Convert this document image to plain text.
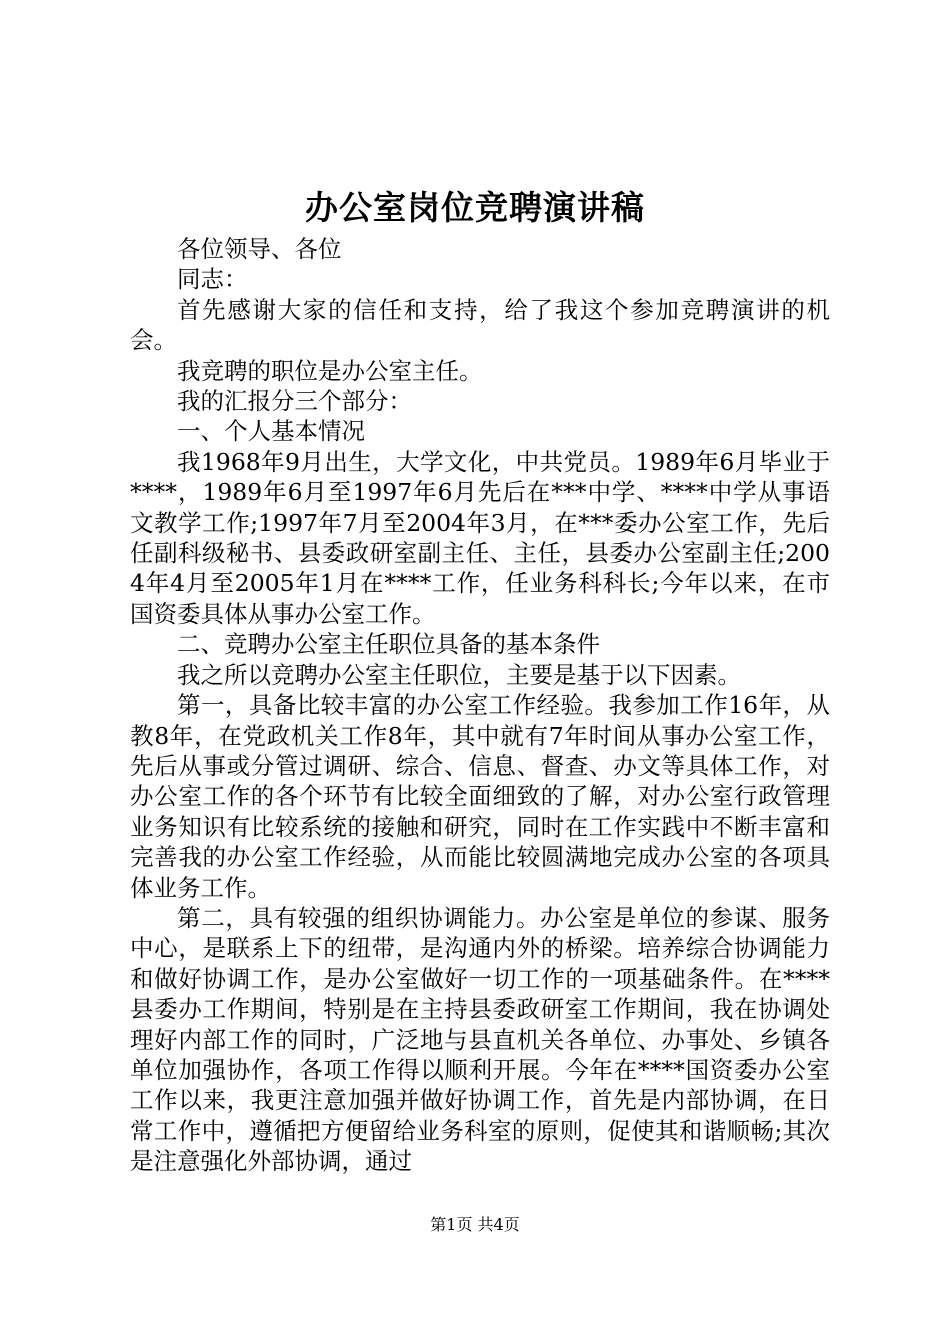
办公室岗位竞聘演讲稿

各位领导、各位

同志：

首先感谢大家的信任和支持，给了我这个参加竞聘演讲的机会。

我竞聘的职位是办公室主任。

我的汇报分三个部分：

一、个人基本情况

我1968年9月出生，大学文化，中共党员。1989年6月毕业于****，1989年6月至1997年6月先后在***中学、****中学从事语文教学工作;1997年7月至2004年3月，在***委办公室工作，先后任副科级秘书、县委政研室副主任、主任，县委办公室副主任;2004年4月至2005年1月在****工作，任业务科科长;今年以来，在市国资委具体从事办公室工作。

二、竞聘办公室主任职位具备的基本条件

我之所以竞聘办公室主任职位，主要是基于以下因素。

第一，具备比较丰富的办公室工作经验。我参加工作16年，从教8年，在党政机关工作8年，其中就有7年时间从事办公室工作，先后从事或分管过调研、综合、信息、督查、办文等具体工作，对办公室工作的各个环节有比较全面细致的了解，对办公室行政管理业务知识有比较系统的接触和研究，同时在工作实践中不断丰富和完善我的办公室工作经验，从而能比较圆满地完成办公室的各项具体业务工作。

第二，具有较强的组织协调能力。办公室是单位的参谋、服务中心，是联系上下的纽带，是沟通内外的桥梁。培养综合协调能力和做好协调工作，是办公室做好一切工作的一项基础条件。在****县委办工作期间，特别是在主持县委政研室工作期间，我在协调处理好内部工作的同时，广泛地与县直机关各单位、办事处、乡镇各单位加强协作，各项工作得以顺利开展。今年在****国资委办公室工作以来，我更注意加强并做好协调工作，首先是内部协调，在日常工作中，遵循把方便留给业务科室的原则，促使其和谐顺畅;其次是注意强化外部协调，通过

第1页 共4页
